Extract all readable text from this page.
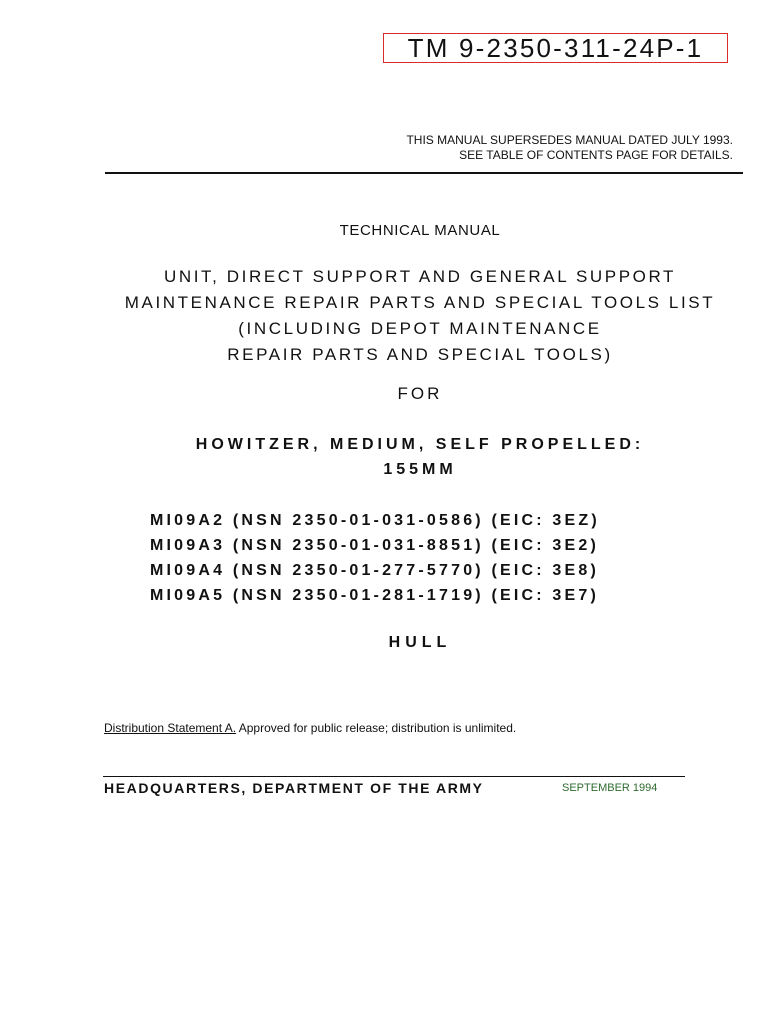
TM 9-2350-311-24P-1
THIS MANUAL SUPERSEDES MANUAL DATED JULY 1993.
SEE TABLE OF CONTENTS PAGE FOR DETAILS.
TECHNICAL MANUAL
UNIT, DIRECT SUPPORT AND GENERAL SUPPORT
MAINTENANCE REPAIR PARTS AND SPECIAL TOOLS LIST
(INCLUDING DEPOT MAINTENANCE
REPAIR PARTS AND SPECIAL TOOLS)
FOR
HOWITZER, MEDIUM, SELF PROPELLED:
155MM
MI09A2 (NSN 2350-01-031-0586) (EIC: 3EZ)
MI09A3 (NSN 2350-01-031-8851) (EIC: 3E2)
MI09A4 (NSN 2350-01-277-5770) (EIC: 3E8)
MI09A5 (NSN 2350-01-281-1719) (EIC: 3E7)
HULL
Distribution Statement A. Approved for public release; distribution is unlimited.
HEADQUARTERS, DEPARTMENT OF THE ARMY	SEPTEMBER 1994
